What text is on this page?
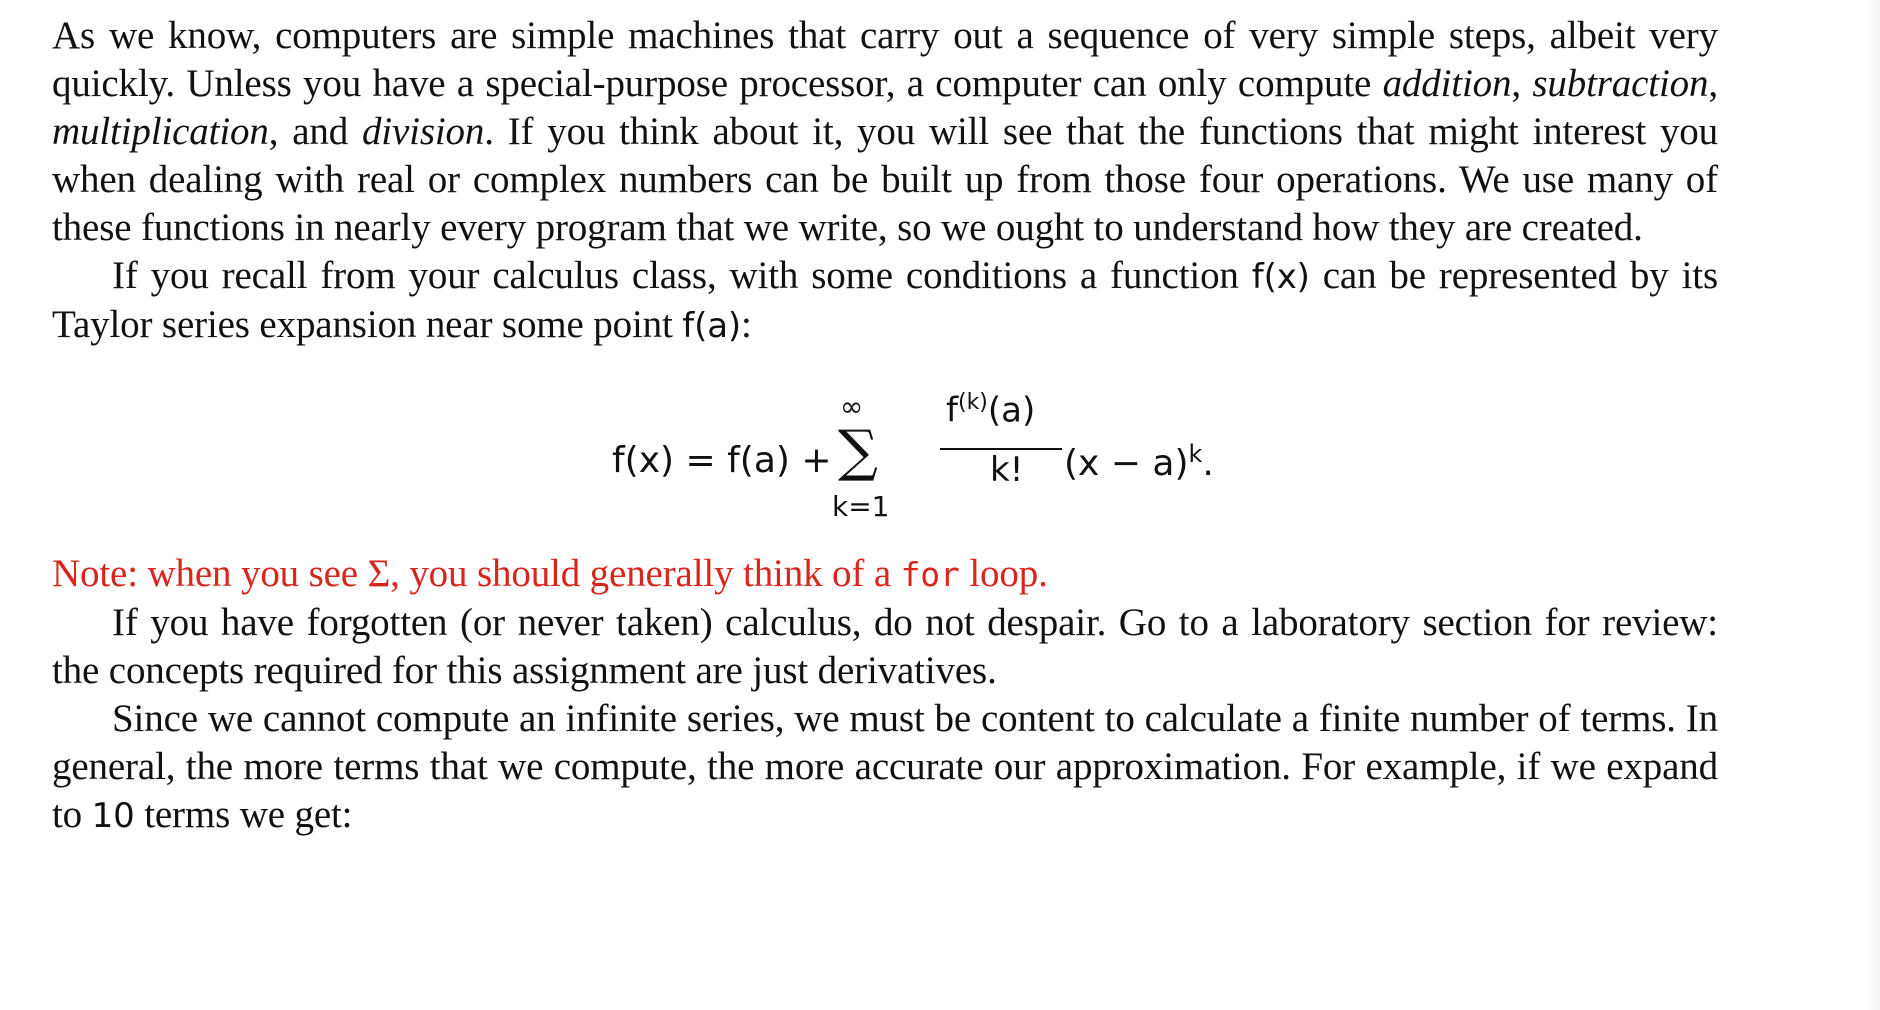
As we know, computers are simple machines that carry out a sequence of very simple steps, albeit very quickly. Unless you have a special-purpose processor, a computer can only compute addition, subtraction, multiplication, and division. If you think about it, you will see that the functions that might interest you when dealing with real or complex numbers can be built up from those four operations. We use many of these functions in nearly every program that we write, so we ought to understand how they are created.

If you recall from your calculus class, with some conditions a function f(x) can be represented by its Taylor series expansion near some point f(a):

f(x) = f(a) +
∞
∑
k=1
$f^{(k)}(a)$
k! $(x - a)^k$.

Note: when you see Σ, you should generally think of a for loop.

If you have forgotten (or never taken) calculus, do not despair. Go to a laboratory section for review: the concepts required for this assignment are just derivatives.

Since we cannot compute an infinite series, we must be content to calculate a finite number of terms. In general, the more terms that we compute, the more accurate our approximation. For example, if we expand to 10 terms we get:
